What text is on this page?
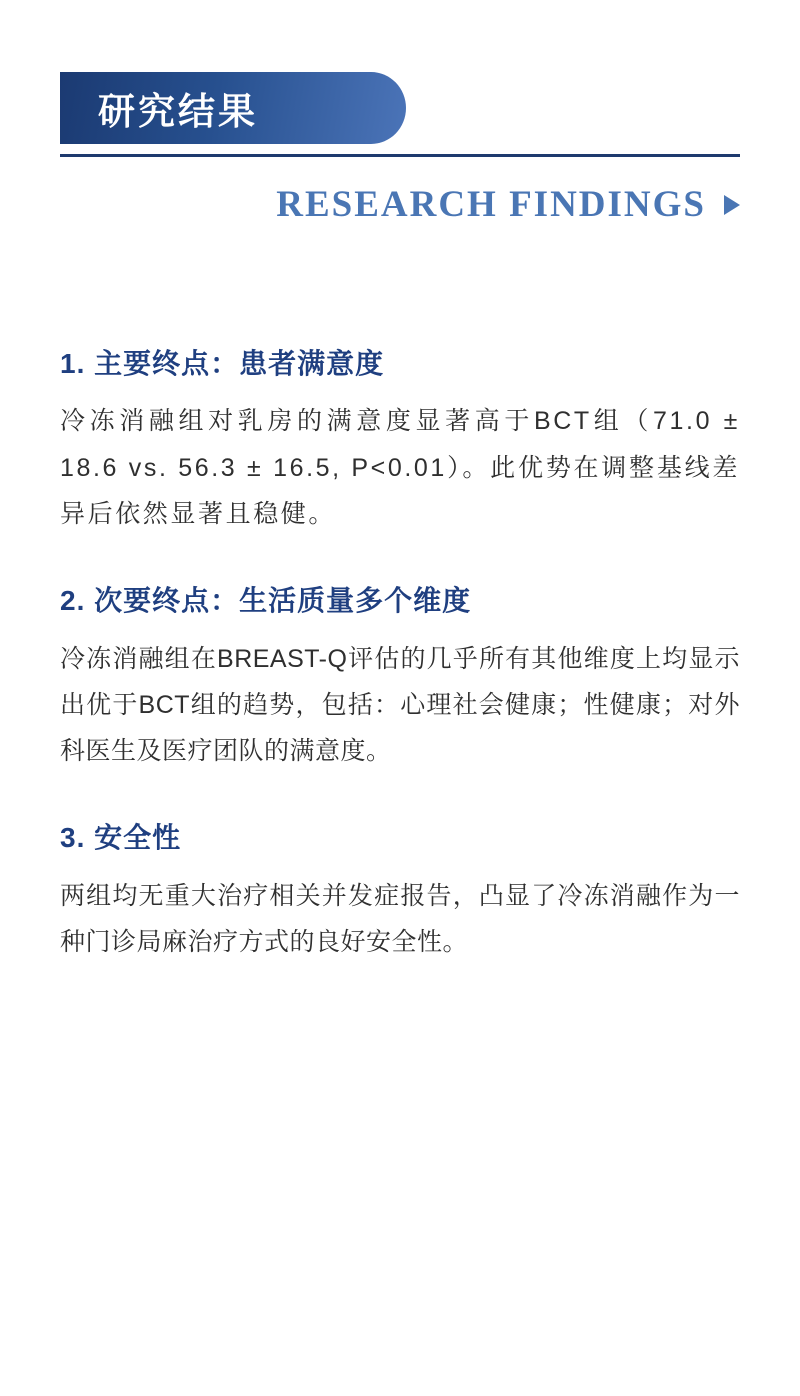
研究结果
RESEARCH FINDINGS
1. 主要终点：患者满意度

冷冻消融组对乳房的满意度显著高于BCT组（71.0 ± 18.6 vs. 56.3 ± 16.5, P<0.01）。此优势在调整基线差异后依然显著且稳健。

2. 次要终点：生活质量多个维度

冷冻消融组在BREAST-Q评估的几乎所有其他维度上均显示出优于BCT组的趋势，包括：心理社会健康；性健康；对外科医生及医疗团队的满意度。

3. 安全性

两组均无重大治疗相关并发症报告，凸显了冷冻消融作为一种门诊局麻治疗方式的良好安全性。
